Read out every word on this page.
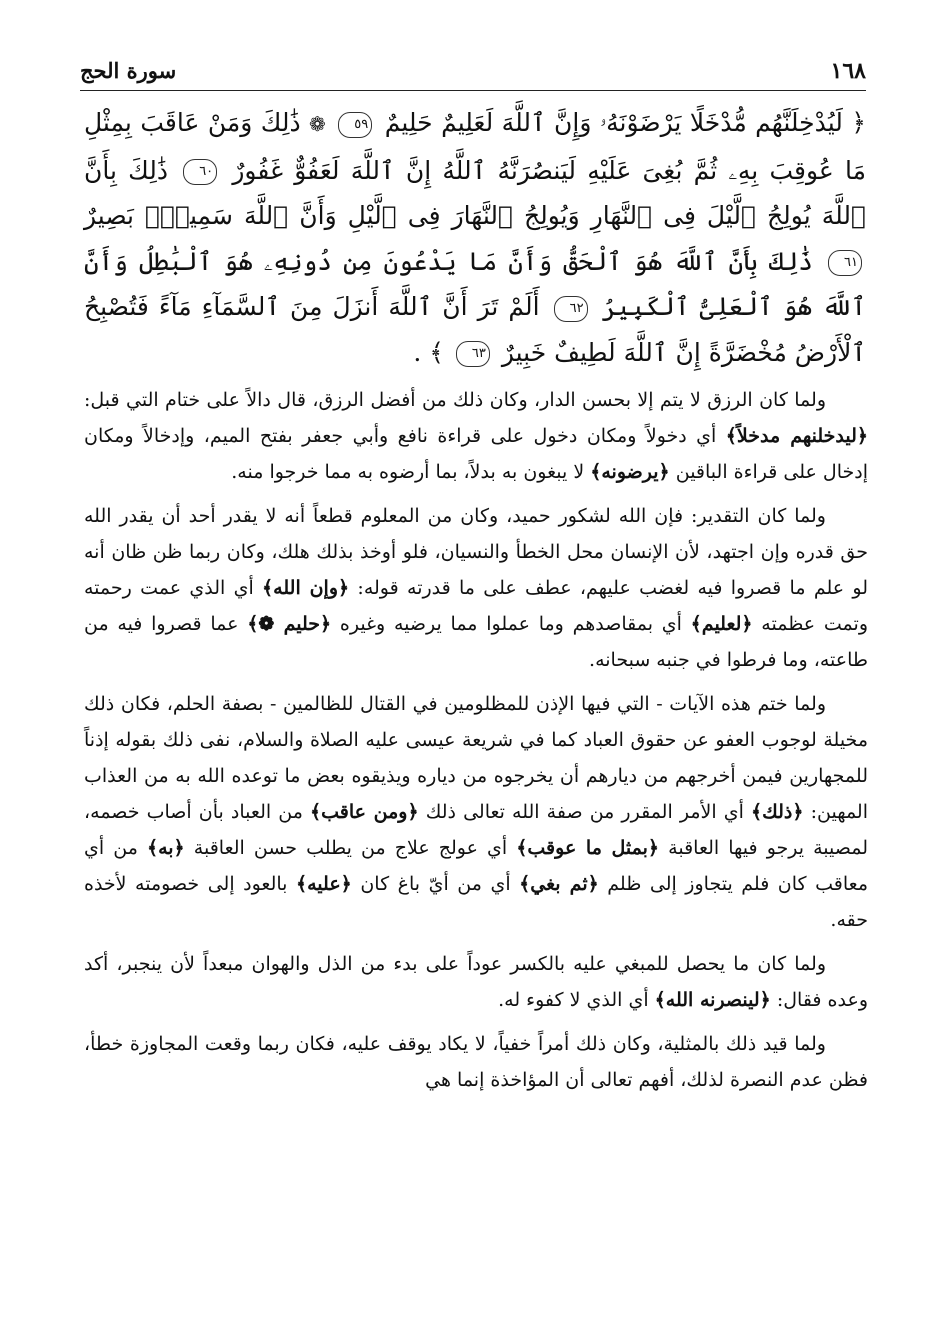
١٦٨
سورة الحج
﴿ لَيُدْخِلَنَّهُم مُّدْخَلًا يَرْضَوْنَهُۥ وَإِنَّ ٱللَّهَ لَعَلِيمٌ حَلِيمٌ ٥٩ ❁ ذَٰلِكَ وَمَنْ عَاقَبَ بِمِثْلِ مَا عُوقِبَ بِهِۦ ثُمَّ بُغِىَ عَلَيْهِ لَيَنصُرَنَّهُ ٱللَّهُ إِنَّ ٱللَّهَ لَعَفُوٌّ غَفُورٌ ٦٠ ذَٰلِكَ بِأَنَّ ٱللَّهَ يُولِجُ ٱلَّيْلَ فِى ٱلنَّهَارِ وَيُولِجُ ٱلنَّهَارَ فِى ٱلَّيْلِ وَأَنَّ ٱللَّهَ سَمِيعٌۢ بَصِيرٌ ٦١ ذَٰلِكَ بِأَنَّ ٱللَّهَ هُوَ ٱلْحَقُّ وَأَنَّ مَا يَدْعُونَ مِن دُونِهِۦ هُوَ ٱلْبَٰطِلُ وَأَنَّ ٱللَّهَ هُوَ ٱلْعَلِىُّ ٱلْكَبِيرُ ٦٢ أَلَمْ تَرَ أَنَّ ٱللَّهَ أَنزَلَ مِنَ ٱلسَّمَآءِ مَآءً فَتُصْبِحُ ٱلْأَرْضُ مُخْضَرَّةً إِنَّ ٱللَّهَ لَطِيفٌ خَبِيرٌ ٦٣ ﴾ .

ولما كان الرزق لا يتم إلا بحسن الدار، وكان ذلك من أفضل الرزق، قال دالاً على ختام التي قبل: ﴿ليدخلنهم مدخلاً﴾ أي دخولاً ومكان دخول على قراءة نافع وأبي جعفر بفتح الميم، وإدخالاً ومكان إدخال على قراءة الباقين ﴿يرضونه﴾ لا يبغون به بدلاً، بما أرضوه به مما خرجوا منه.

ولما كان التقدير: فإن الله لشكور حميد، وكان من المعلوم قطعاً أنه لا يقدر أحد أن يقدر الله حق قدره وإن اجتهد، لأن الإنسان محل الخطأ والنسيان، فلو أوخذ بذلك هلك، وكان ربما ظن ظان أنه لو علم ما قصروا فيه لغضب عليهم، عطف على ما قدرته قوله: ﴿وإن الله﴾ أي الذي عمت رحمته وتمت عظمته ﴿لعليم﴾ أي بمقاصدهم وما عملوا مما يرضيه وغيره ﴿حليم ❁﴾ عما قصروا فيه من طاعته، وما فرطوا في جنبه سبحانه.

ولما ختم هذه الآيات - التي فيها الإذن للمظلومين في القتال للظالمين - بصفة الحلم، فكان ذلك مخيلة لوجوب العفو عن حقوق العباد كما في شريعة عيسى عليه الصلاة والسلام، نفى ذلك بقوله إذناً للمجهارين فيمن أخرجهم من ديارهم أن يخرجوه من دياره ويذيقوه بعض ما توعده الله به من العذاب المهين: ﴿ذلك﴾ أي الأمر المقرر من صفة الله تعالى ذلك ﴿ومن عاقب﴾ من العباد بأن أصاب خصمه، لمصيبة يرجو فيها العاقبة ﴿بمثل ما عوقب﴾ أي عولج علاج من يطلب حسن العاقبة ﴿به﴾ من أي معاقب كان فلم يتجاوز إلى ظلم ﴿ثم بغي﴾ أي من أيّ باغ كان ﴿عليه﴾ بالعود إلى خصومته لأخذه حقه.

ولما كان ما يحصل للمبغي عليه بالكسر عوداً على بدء من الذل والهوان مبعداً لأن ينجبر، أكد وعده فقال: ﴿لينصرنه الله﴾ أي الذي لا كفوء له.

ولما قيد ذلك بالمثلية، وكان ذلك أمراً خفياً، لا يكاد يوقف عليه، فكان ربما وقعت المجاوزة خطأ، فظن عدم النصرة لذلك، أفهم تعالى أن المؤاخذة إنما هي
